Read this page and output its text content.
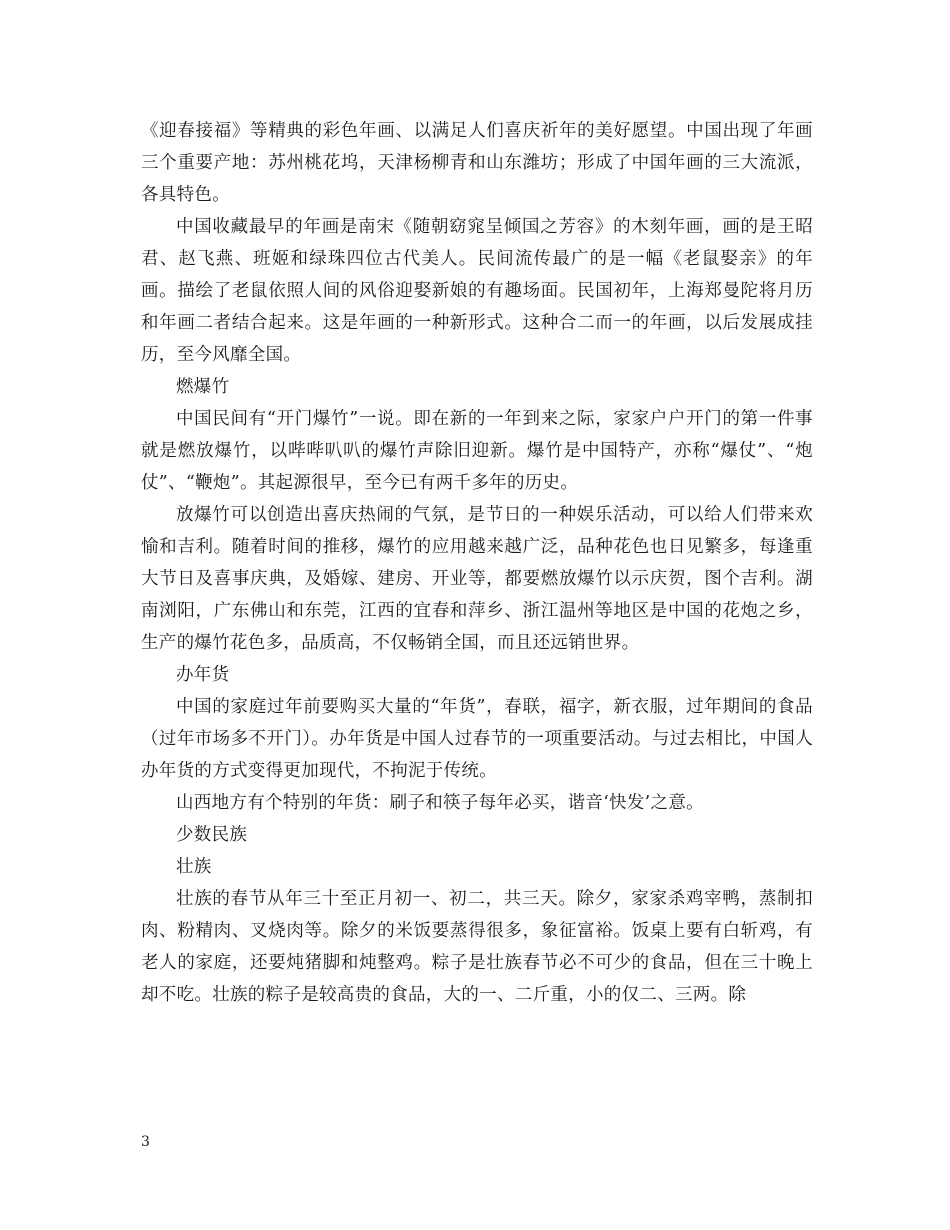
《迎春接福》等精典的彩色年画、以满足人们喜庆祈年的美好愿望。中国出现了年画三个重要产地：苏州桃花坞，天津杨柳青和山东潍坊；形成了中国年画的三大流派，各具特色。

中国收藏最早的年画是南宋《随朝窈窕呈倾国之芳容》的木刻年画，画的是王昭君、赵飞燕、班姬和绿珠四位古代美人。民间流传最广的是一幅《老鼠娶亲》的年画。描绘了老鼠依照人间的风俗迎娶新娘的有趣场面。民国初年，上海郑曼陀将月历和年画二者结合起来。这是年画的一种新形式。这种合二而一的年画，以后发展成挂历，至今风靡全国。

燃爆竹

中国民间有“开门爆竹”一说。即在新的一年到来之际，家家户户开门的第一件事就是燃放爆竹，以哔哔叭叭的爆竹声除旧迎新。爆竹是中国特产，亦称“爆仗”、“炮仗”、“鞭炮”。其起源很早，至今已有两千多年的历史。

放爆竹可以创造出喜庆热闹的气氛，是节日的一种娱乐活动，可以给人们带来欢愉和吉利。随着时间的推移，爆竹的应用越来越广泛，品种花色也日见繁多，每逢重大节日及喜事庆典，及婚嫁、建房、开业等，都要燃放爆竹以示庆贺，图个吉利。湖南浏阳，广东佛山和东莞，江西的宜春和萍乡、浙江温州等地区是中国的花炮之乡，生产的爆竹花色多，品质高，不仅畅销全国，而且还远销世界。

办年货

中国的家庭过年前要购买大量的“年货”，春联，福字，新衣服，过年期间的食品（过年市场多不开门）。办年货是中国人过春节的一项重要活动。与过去相比，中国人办年货的方式变得更加现代，不拘泥于传统。

山西地方有个特别的年货：刷子和筷子每年必买，谐音‘快发’之意。

少数民族

壮族

壮族的春节从年三十至正月初一、初二，共三天。除夕，家家杀鸡宰鸭，蒸制扣肉、粉精肉、叉烧肉等。除夕的米饭要蒸得很多，象征富裕。饭桌上要有白斩鸡，有老人的家庭，还要炖猪脚和炖整鸡。粽子是壮族春节必不可少的食品，但在三十晚上却不吃。壮族的粽子是较高贵的食品，大的一、二斤重，小的仅二、三两。除

3
